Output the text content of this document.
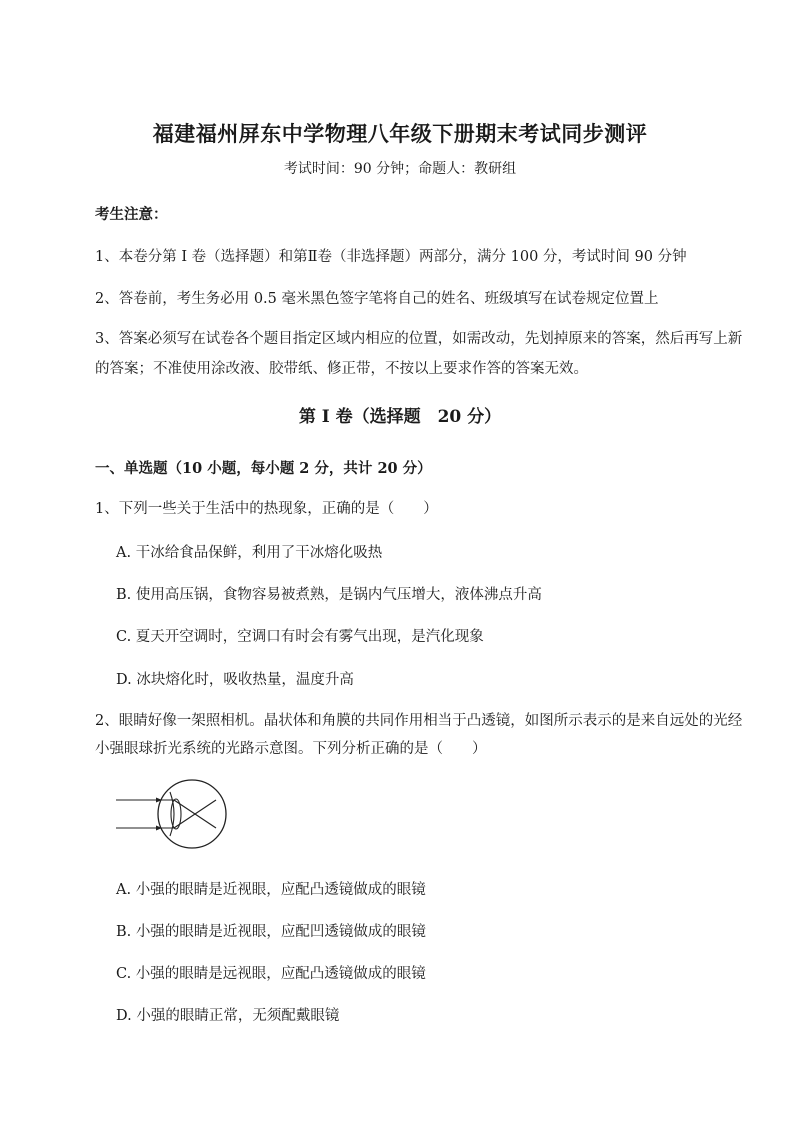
福建福州屏东中学物理八年级下册期末考试同步测评
考试时间：90 分钟；命题人：教研组
考生注意：
1、本卷分第 I 卷（选择题）和第Ⅱ卷（非选择题）两部分，满分 100 分，考试时间 90 分钟
2、答卷前，考生务必用 0.5 毫米黑色签字笔将自己的姓名、班级填写在试卷规定位置上
3、答案必须写在试卷各个题目指定区域内相应的位置，如需改动，先划掉原来的答案，然后再写上新的答案；不准使用涂改液、胶带纸、修正带，不按以上要求作答的答案无效。
第 I 卷（选择题　20 分）
一、单选题（10 小题，每小题 2 分，共计 20 分）
1、下列一些关于生活中的热现象，正确的是（　　）
A. 干冰给食品保鲜，利用了干冰熔化吸热
B. 使用高压锅，食物容易被煮熟，是锅内气压增大，液体沸点升高
C. 夏天开空调时，空调口有时会有雾气出现，是汽化现象
D. 冰块熔化时，吸收热量，温度升高
2、眼睛好像一架照相机。晶状体和角膜的共同作用相当于凸透镜，如图所示表示的是来自远处的光经
小强眼球折光系统的光路示意图。下列分析正确的是（　　）
A. 小强的眼睛是近视眼，应配凸透镜做成的眼镜
B. 小强的眼睛是近视眼，应配凹透镜做成的眼镜
C. 小强的眼睛是远视眼，应配凸透镜做成的眼镜
D. 小强的眼睛正常，无须配戴眼镜
